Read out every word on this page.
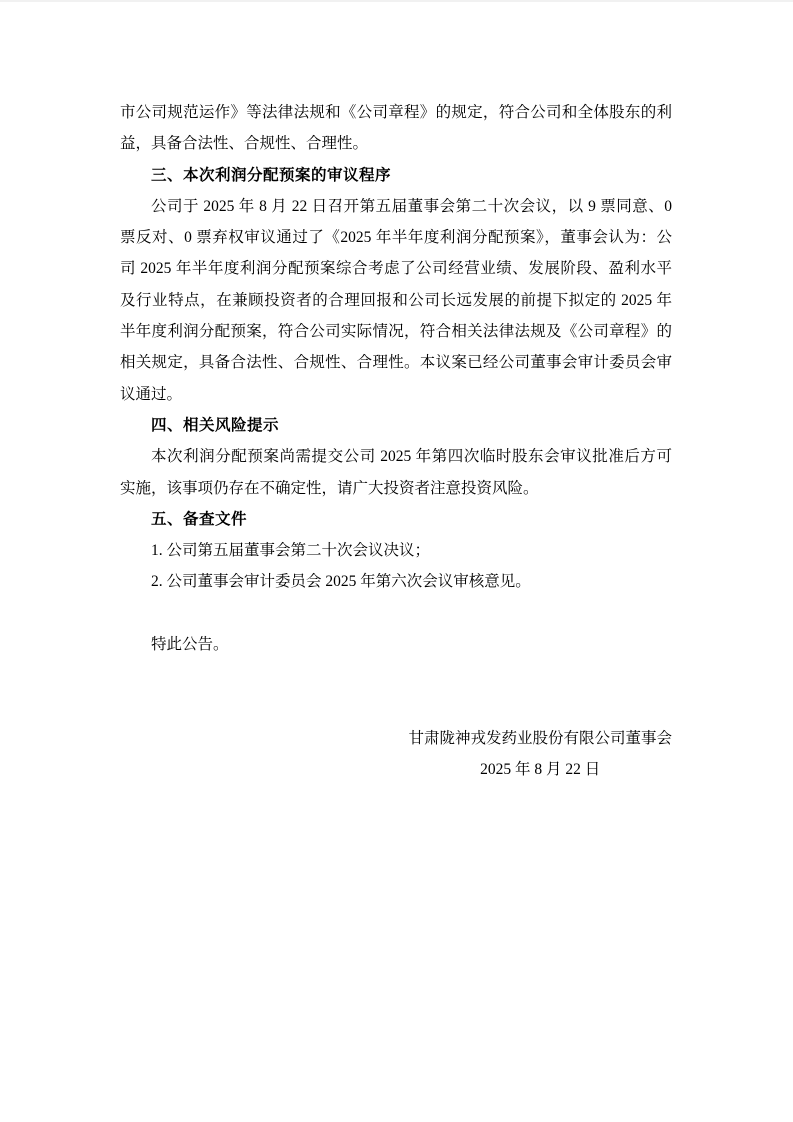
市公司规范运作》等法律法规和《公司章程》的规定，符合公司和全体股东的利
益，具备合法性、合规性、合理性。
三、本次利润分配预案的审议程序
公司于 2025 年 8 月 22 日召开第五届董事会第二十次会议，以 9 票同意、0
票反对、0 票弃权审议通过了《2025 年半年度利润分配预案》，董事会认为：公
司 2025 年半年度利润分配预案综合考虑了公司经营业绩、发展阶段、盈利水平
及行业特点，在兼顾投资者的合理回报和公司长远发展的前提下拟定的 2025 年
半年度利润分配预案，符合公司实际情况，符合相关法律法规及《公司章程》的
相关规定，具备合法性、合规性、合理性。本议案已经公司董事会审计委员会审
议通过。
四、相关风险提示
本次利润分配预案尚需提交公司 2025 年第四次临时股东会审议批准后方可
实施，该事项仍存在不确定性，请广大投资者注意投资风险。
五、备查文件
1. 公司第五届董事会第二十次会议决议；
2. 公司董事会审计委员会 2025 年第六次会议审核意见。
特此公告。
甘肃陇神戎发药业股份有限公司董事会
2025 年 8 月 22 日
